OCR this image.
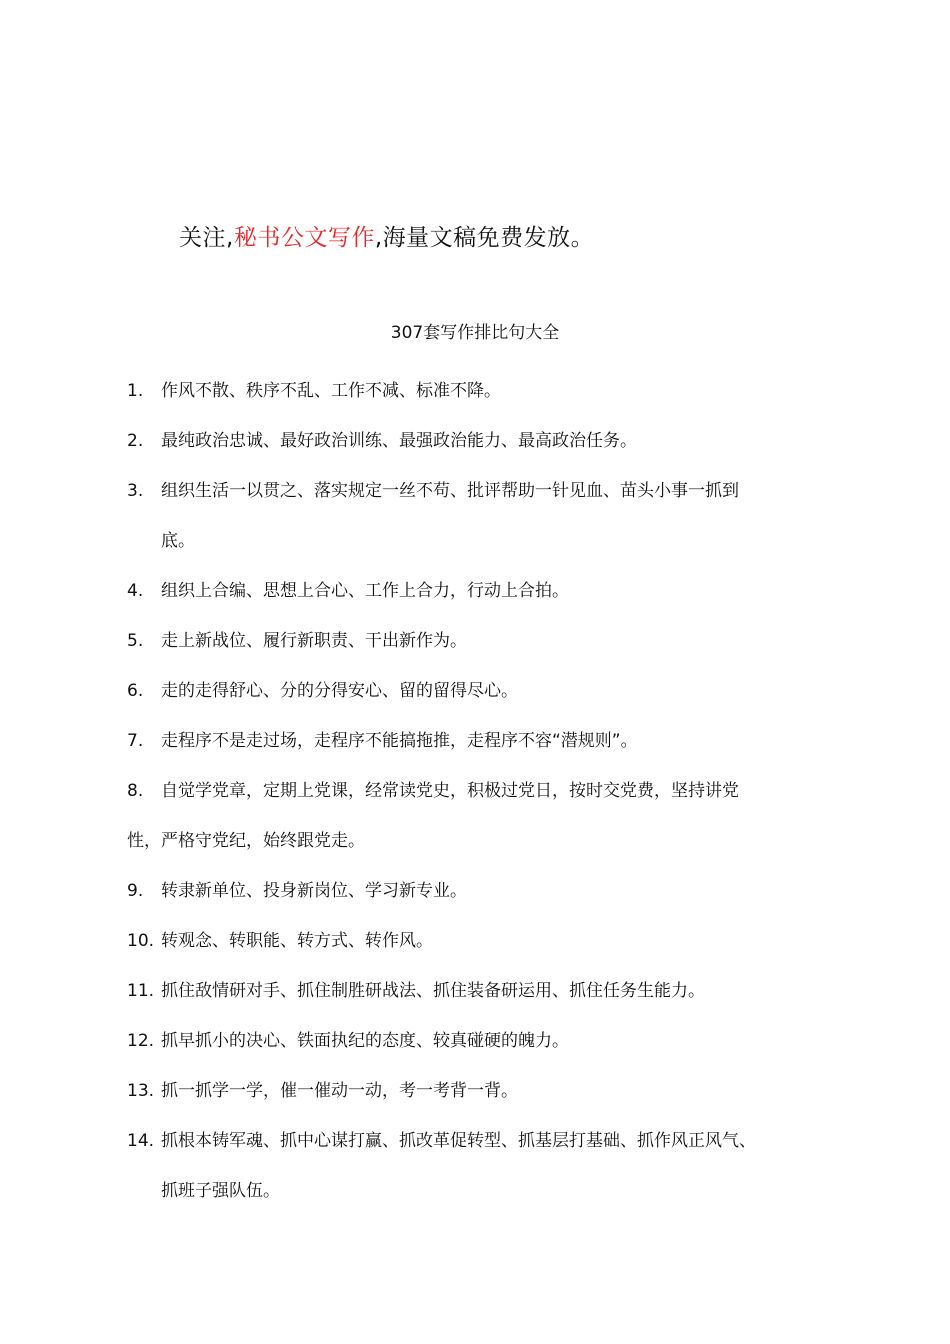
关注,秘书公文写作,海量文稿免费发放。
307套写作排比句大全
1. 作风不散、秩序不乱、工作不减、标准不降。
2. 最纯政治忠诚、最好政治训练、最强政治能力、最高政治任务。
3. 组织生活一以贯之、落实规定一丝不苟、批评帮助一针见血、苗头小事一抓到
底。
4. 组织上合编、思想上合心、工作上合力，行动上合拍。
5. 走上新战位、履行新职责、干出新作为。
6. 走的走得舒心、分的分得安心、留的留得尽心。
7. 走程序不是走过场，走程序不能搞拖推，走程序不容“潜规则”。
8. 自觉学党章，定期上党课，经常读党史，积极过党日，按时交党费，坚持讲党
性，严格守党纪，始终跟党走。
9. 转隶新单位、投身新岗位、学习新专业。
10. 转观念、转职能、转方式、转作风。
11. 抓住敌情研对手、抓住制胜研战法、抓住装备研运用、抓住任务生能力。
12. 抓早抓小的决心、铁面执纪的态度、较真碰硬的魄力。
13. 抓一抓学一学，催一催动一动，考一考背一背。
14. 抓根本铸军魂、抓中心谋打赢、抓改革促转型、抓基层打基础、抓作风正风气、
抓班子强队伍。
